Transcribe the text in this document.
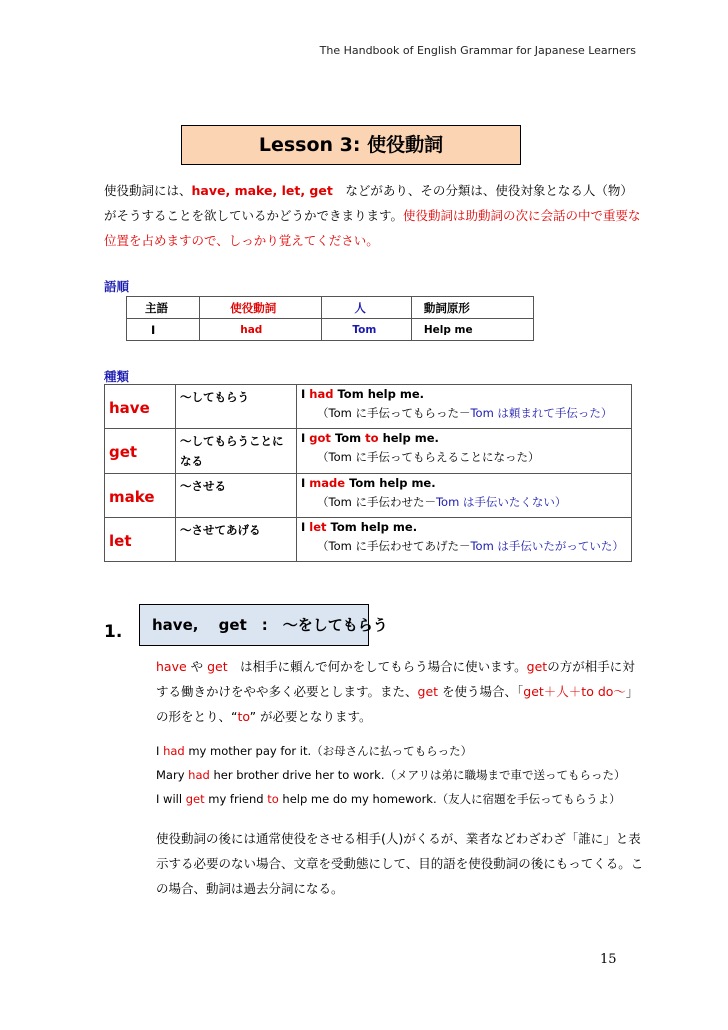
The Handbook of English Grammar for Japanese Learners
Lesson 3: 使役動詞
使役動詞には、have, make, let, get　などがあり、その分類は、使役対象となる人（物）がそうすることを欲しているかどうかできまります。使役動詞は助動詞の次に会話の中で重要な位置を占めますので、しっかり覚えてください。
語順
主語	使役動詞	人	動詞原形
I	had	Tom	Help me
種類
have	～してもらう	I had Tom help me.
（Tom に手伝ってもらった－Tom は頼まれて手伝った）

get	～してもらうことになる	I got Tom to help me.
（Tom に手伝ってもらえることになった）

make	～させる	I made Tom help me.
（Tom に手伝わせた－Tom は手伝いたくない）

let	～させてあげる	I let Tom help me.
（Tom に手伝わせてあげた－Tom は手伝いたがっていた）
1.	have,　 get　:　～をしてもらう
have や get　は相手に頼んで何かをしてもらう場合に使います。getの方が相手に対する働きかけをやや多く必要とします。また、get を使う場合、「get＋人＋to do～」 の形をとり、“to” が必要となります。
I had my mother pay for it.（お母さんに払ってもらった）
Mary had her brother drive her to work.（メアリは弟に職場まで車で送ってもらった）
I will get my friend to help me do my homework.（友人に宿題を手伝ってもらうよ）
使役動詞の後には通常使役をさせる相手(人)がくるが、業者などわざわざ「誰に」と表示する必要のない場合、文章を受動態にして、目的語を使役動詞の後にもってくる。この場合、動詞は過去分詞になる。
15
